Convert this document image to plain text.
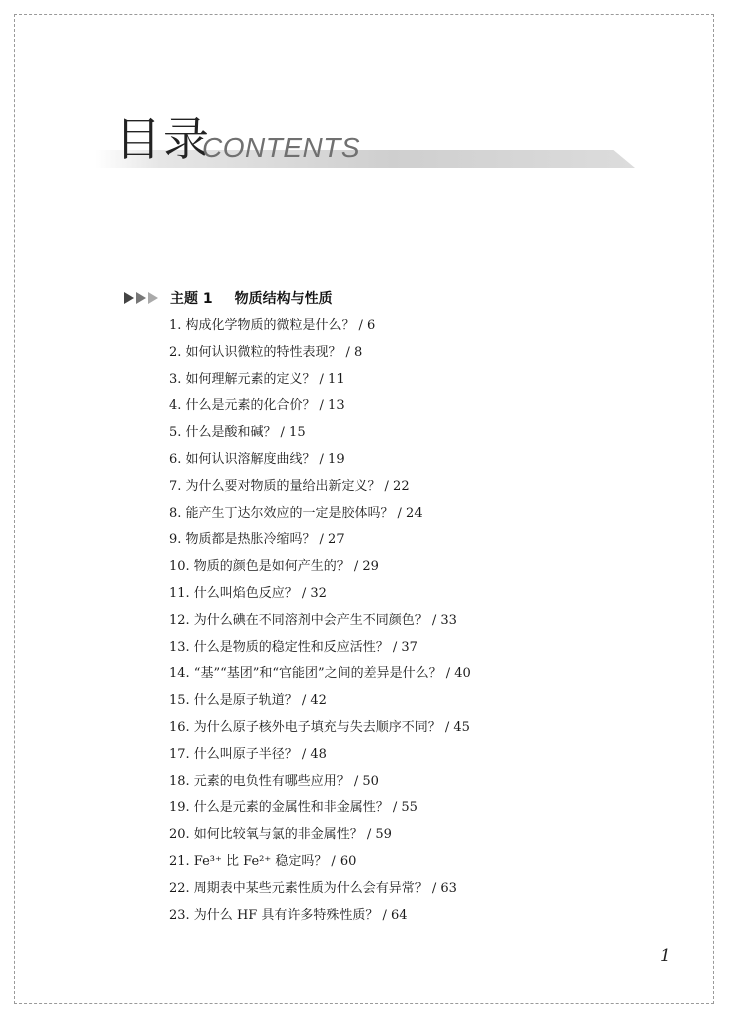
目录
CONTENTS
主题 1 物质结构与性质
1. 构成化学物质的微粒是什么？ / 6
2. 如何认识微粒的特性表现？ / 8
3. 如何理解元素的定义？ / 11
4. 什么是元素的化合价？ / 13
5. 什么是酸和碱？ / 15
6. 如何认识溶解度曲线？ / 19
7. 为什么要对物质的量给出新定义？ / 22
8. 能产生丁达尔效应的一定是胶体吗？ / 24
9. 物质都是热胀冷缩吗？ / 27
10. 物质的颜色是如何产生的？ / 29
11. 什么叫焰色反应？ / 32
12. 为什么碘在不同溶剂中会产生不同颜色？ / 33
13. 什么是物质的稳定性和反应活性？ / 37
14. “基”“基团”和“官能团”之间的差异是什么？ / 40
15. 什么是原子轨道？ / 42
16. 为什么原子核外电子填充与失去顺序不同？ / 45
17. 什么叫原子半径？ / 48
18. 元素的电负性有哪些应用？ / 50
19. 什么是元素的金属性和非金属性？ / 55
20. 如何比较氧与氯的非金属性？ / 59
21. Fe³⁺ 比 Fe²⁺ 稳定吗？ / 60
22. 周期表中某些元素性质为什么会有异常？ / 63
23. 为什么 HF 具有许多特殊性质？ / 64
1
